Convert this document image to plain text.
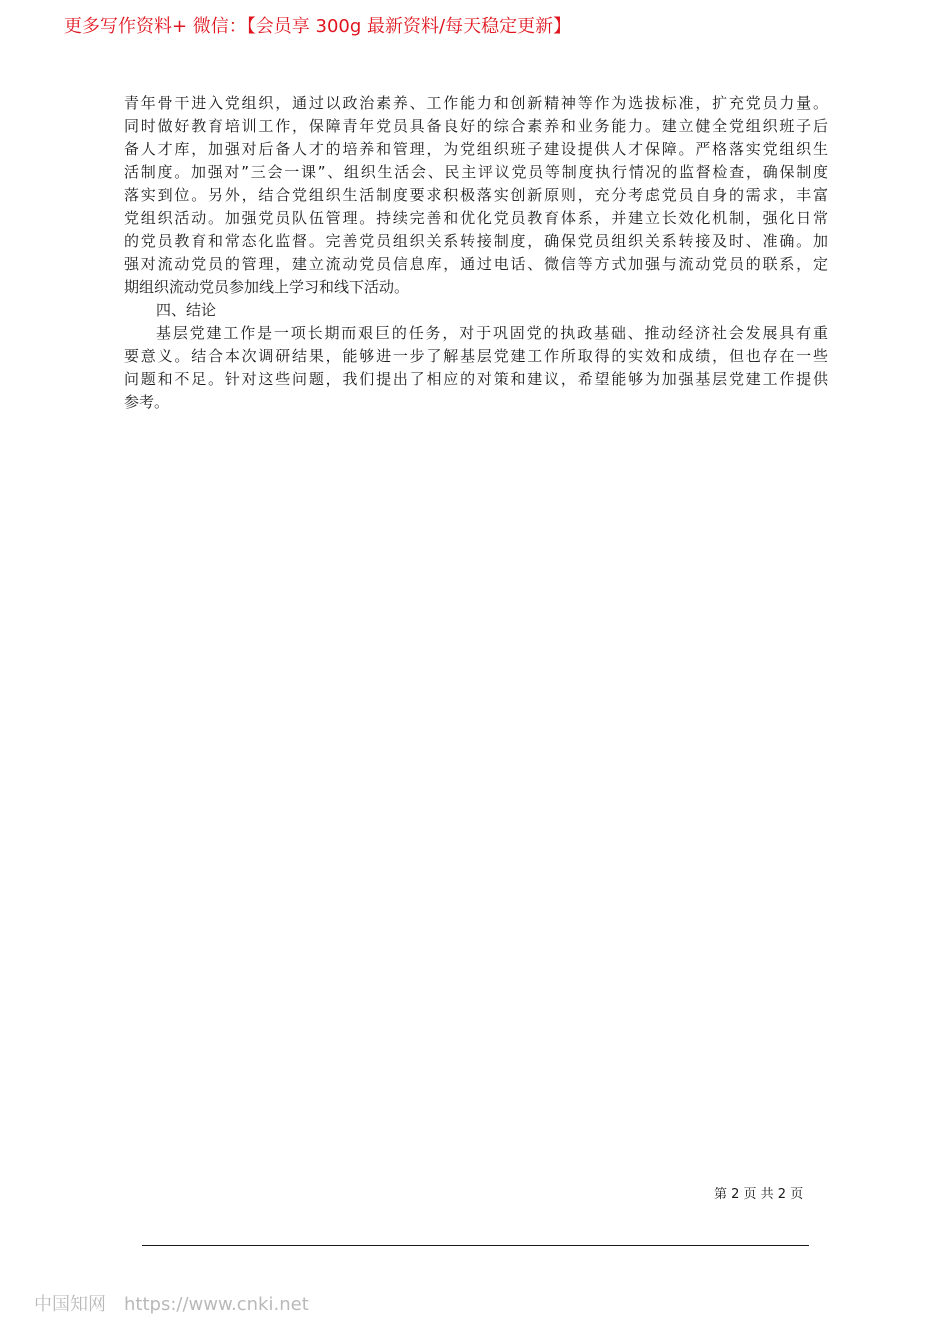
更多写作资料+ 微信：【会员享 300g 最新资料/每天稳定更新】

青年骨干进入党组织，通过以政治素养、工作能力和创新精神等作为选拔标准，扩充党员力量。
同时做好教育培训工作，保障青年党员具备良好的综合素养和业务能力。建立健全党组织班子后
备人才库，加强对后备人才的培养和管理，为党组织班子建设提供人才保障。严格落实党组织生
活制度。加强对”三会一课”、组织生活会、民主评议党员等制度执行情况的监督检查，确保制度
落实到位。另外，结合党组织生活制度要求积极落实创新原则，充分考虑党员自身的需求，丰富
党组织活动。加强党员队伍管理。持续完善和优化党员教育体系，并建立长效化机制，强化日常
的党员教育和常态化监督。完善党员组织关系转接制度，确保党员组织关系转接及时、准确。加
强对流动党员的管理，建立流动党员信息库，通过电话、微信等方式加强与流动党员的联系，定
期组织流动党员参加线上学习和线下活动。
四、结论
基层党建工作是一项长期而艰巨的任务，对于巩固党的执政基础、推动经济社会发展具有重
要意义。结合本次调研结果，能够进一步了解基层党建工作所取得的实效和成绩，但也存在一些
问题和不足。针对这些问题，我们提出了相应的对策和建议，希望能够为加强基层党建工作提供
参考。
第 2 页 共 2 页
中国知网 https://www.cnki.net
